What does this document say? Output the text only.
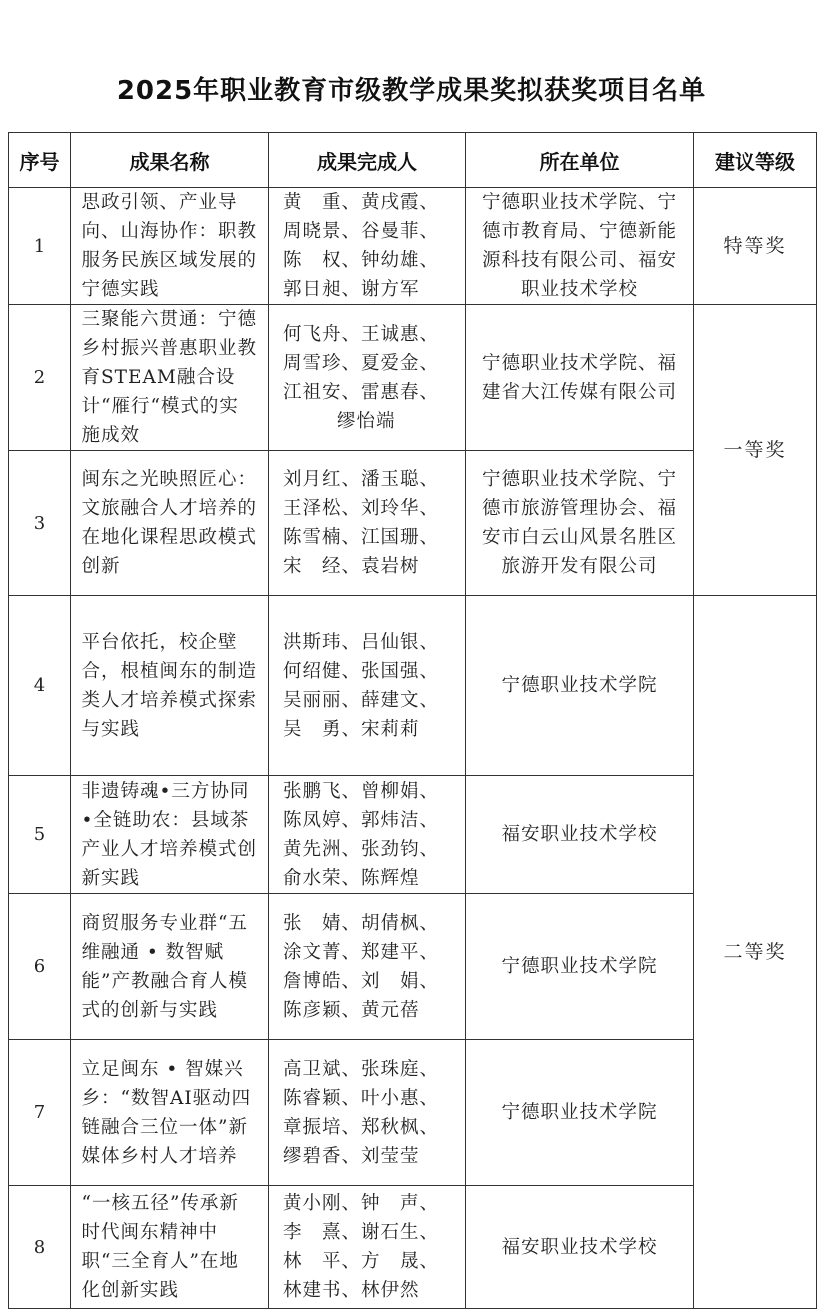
2025年职业教育市级教学成果奖拟获奖项目名单
序号	成果名称	成果完成人	所在单位	建议等级

1	思政引领、产业导向、山海协作：职教服务民族区域发展的宁德实践	黄　重、黄戌霞、
周晓景、谷曼菲、
陈　权、钟幼雄、
郭日昶、谢方军	宁德职业技术学院、宁德市教育局、宁德新能源科技有限公司、福安职业技术学校	特等奖

2	三聚能六贯通：宁德乡村振兴普惠职业教育STEAM融合设计“雁行“模式的实施成效	何飞舟、王诚惠、
周雪珍、夏爱金、
江祖安、雷惠春、
缪怡端	宁德职业技术学院、福建省大江传媒有限公司	一等奖

3	闽东之光映照匠心：文旅融合人才培养的在地化课程思政模式创新	刘月红、潘玉聪、
王泽松、刘玲华、
陈雪楠、江国珊、
宋　经、袁岩树	宁德职业技术学院、宁德市旅游管理协会、福安市白云山风景名胜区旅游开发有限公司	

4	平台依托，校企壁合，根植闽东的制造类人才培养模式探索与实践	洪斯玮、吕仙银、
何绍健、张国强、
吴丽丽、薛建文、
吴　勇、宋莉莉	宁德职业技术学院	二等奖

5	非遗铸魂•三方协同•全链助农：县域茶产业人才培养模式创新实践	张鹏飞、曾柳娟、
陈凤婷、郭炜洁、
黄先洲、张劲钧、
俞水荣、陈辉煌	福安职业技术学校	

6	商贸服务专业群“五维融通 • 数智赋能”产教融合育人模式的创新与实践	张　婧、胡倩枫、
涂文菁、郑建平、
詹博皓、刘　娟、
陈彦颖、黄元蓓	宁德职业技术学院	

7	立足闽东 • 智媒兴乡：“数智AI驱动四链融合三位一体”新媒体乡村人才培养	高卫斌、张珠庭、
陈睿颖、叶小惠、
章振培、郑秋枫、
缪碧香、刘莹莹	宁德职业技术学院	

8	“一核五径”传承新时代闽东精神中职“三全育人”在地化创新实践	黄小刚、钟　声、
李　熹、谢石生、
林　平、方　晟、
林建书、林伊然	福安职业技术学校	
